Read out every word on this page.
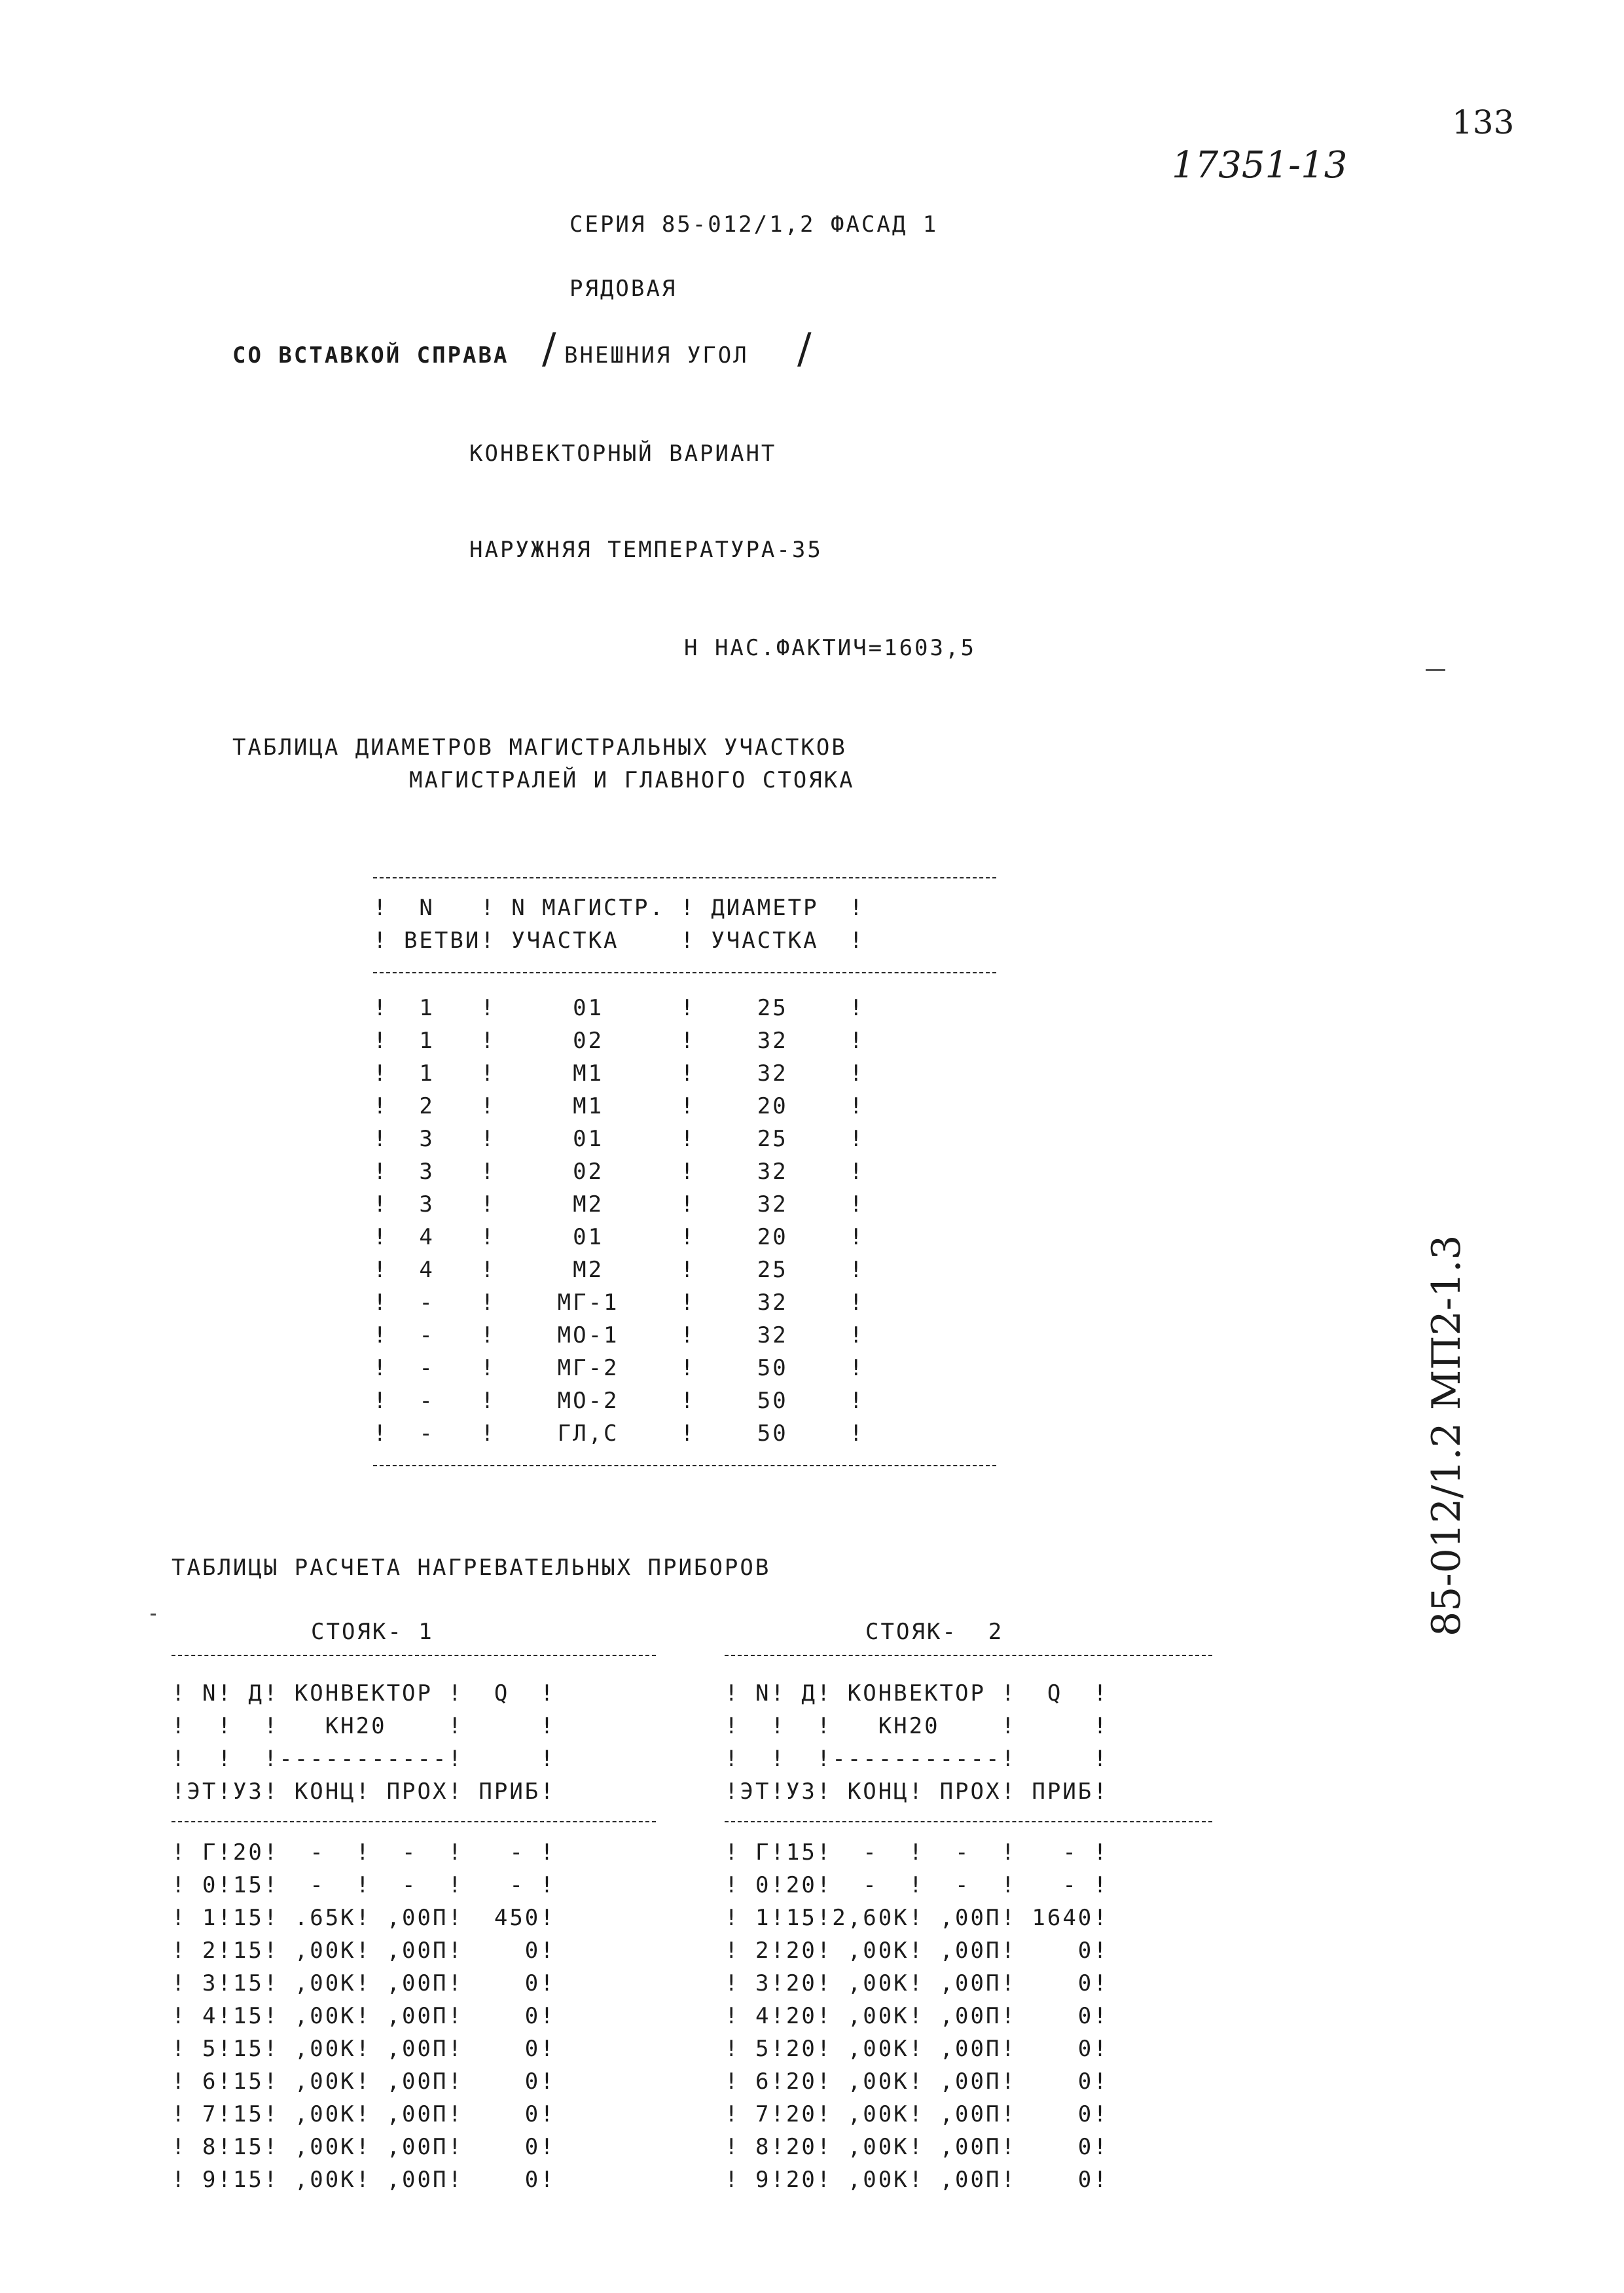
133
17351-13
85-012/1.2 МП2-1.3
СЕРИЯ 85-012/1,2 ФАСАД 1
РЯДОВАЯ
СО ВСТАВКОЙ СПРАВА / ВНЕШНИЯ УГОЛ /
КОНВЕКТОРНЫЙ ВАРИАНТ
НАРУЖНЯЯ ТЕМПЕРАТУРА-35
Н НАС.ФАКТИЧ=1603,5
ТАБЛИЦА ДИАМЕТРОВ МАГИСТРАЛЬНЫХ УЧАСТКОВ
МАГИСТРАЛЕЙ И ГЛАВНОГО СТОЯКА
!  N   ! N МАГИСТР. ! ДИАМЕТР  !
! ВЕТВИ! УЧАСТКА    ! УЧАСТКА  !
!  1   !     01     !    25    !
!  1   !     02     !    32    !
!  1   !     М1     !    32    !
!  2   !     М1     !    20    !
!  3   !     01     !    25    !
!  3   !     02     !    32    !
!  3   !     М2     !    32    !
!  4   !     01     !    20    !
!  4   !     М2     !    25    !
!  -   !    МГ-1    !    32    !
!  -   !    МО-1    !    32    !
!  -   !    МГ-2    !    50    !
!  -   !    МО-2    !    50    !
!  -   !    ГЛ,С    !    50    !
ТАБЛИЦЫ РАСЧЕТА НАГРЕВАТЕЛЬНЫХ ПРИБОРОВ
СТОЯК- 1
! N! Д! КОНВЕКТОР !  Q  !
!  !  !   КН20    !     !
!  !  !-----------!     !
!ЭТ!УЗ! КОНЦ! ПРОХ! ПРИБ!
! Г!20!  -  !  -  !   - !
! 0!15!  -  !  -  !   - !
! 1!15! .65К! ,00П!  450!
! 2!15! ,00К! ,00П!    0!
! 3!15! ,00К! ,00П!    0!
! 4!15! ,00К! ,00П!    0!
! 5!15! ,00К! ,00П!    0!
! 6!15! ,00К! ,00П!    0!
! 7!15! ,00К! ,00П!    0!
! 8!15! ,00К! ,00П!    0!
! 9!15! ,00К! ,00П!    0!
СТОЯК-  2
! N! Д! КОНВЕКТОР !  Q  !
!  !  !   КН20    !     !
!  !  !-----------!     !
!ЭТ!УЗ! КОНЦ! ПРОХ! ПРИБ!
! Г!15!  -  !  -  !   - !
! 0!20!  -  !  -  !   - !
! 1!15!2,60К! ,00П! 1640!
! 2!20! ,00К! ,00П!    0!
! 3!20! ,00К! ,00П!    0!
! 4!20! ,00К! ,00П!    0!
! 5!20! ,00К! ,00П!    0!
! 6!20! ,00К! ,00П!    0!
! 7!20! ,00К! ,00П!    0!
! 8!20! ,00К! ,00П!    0!
! 9!20! ,00К! ,00П!    0!
